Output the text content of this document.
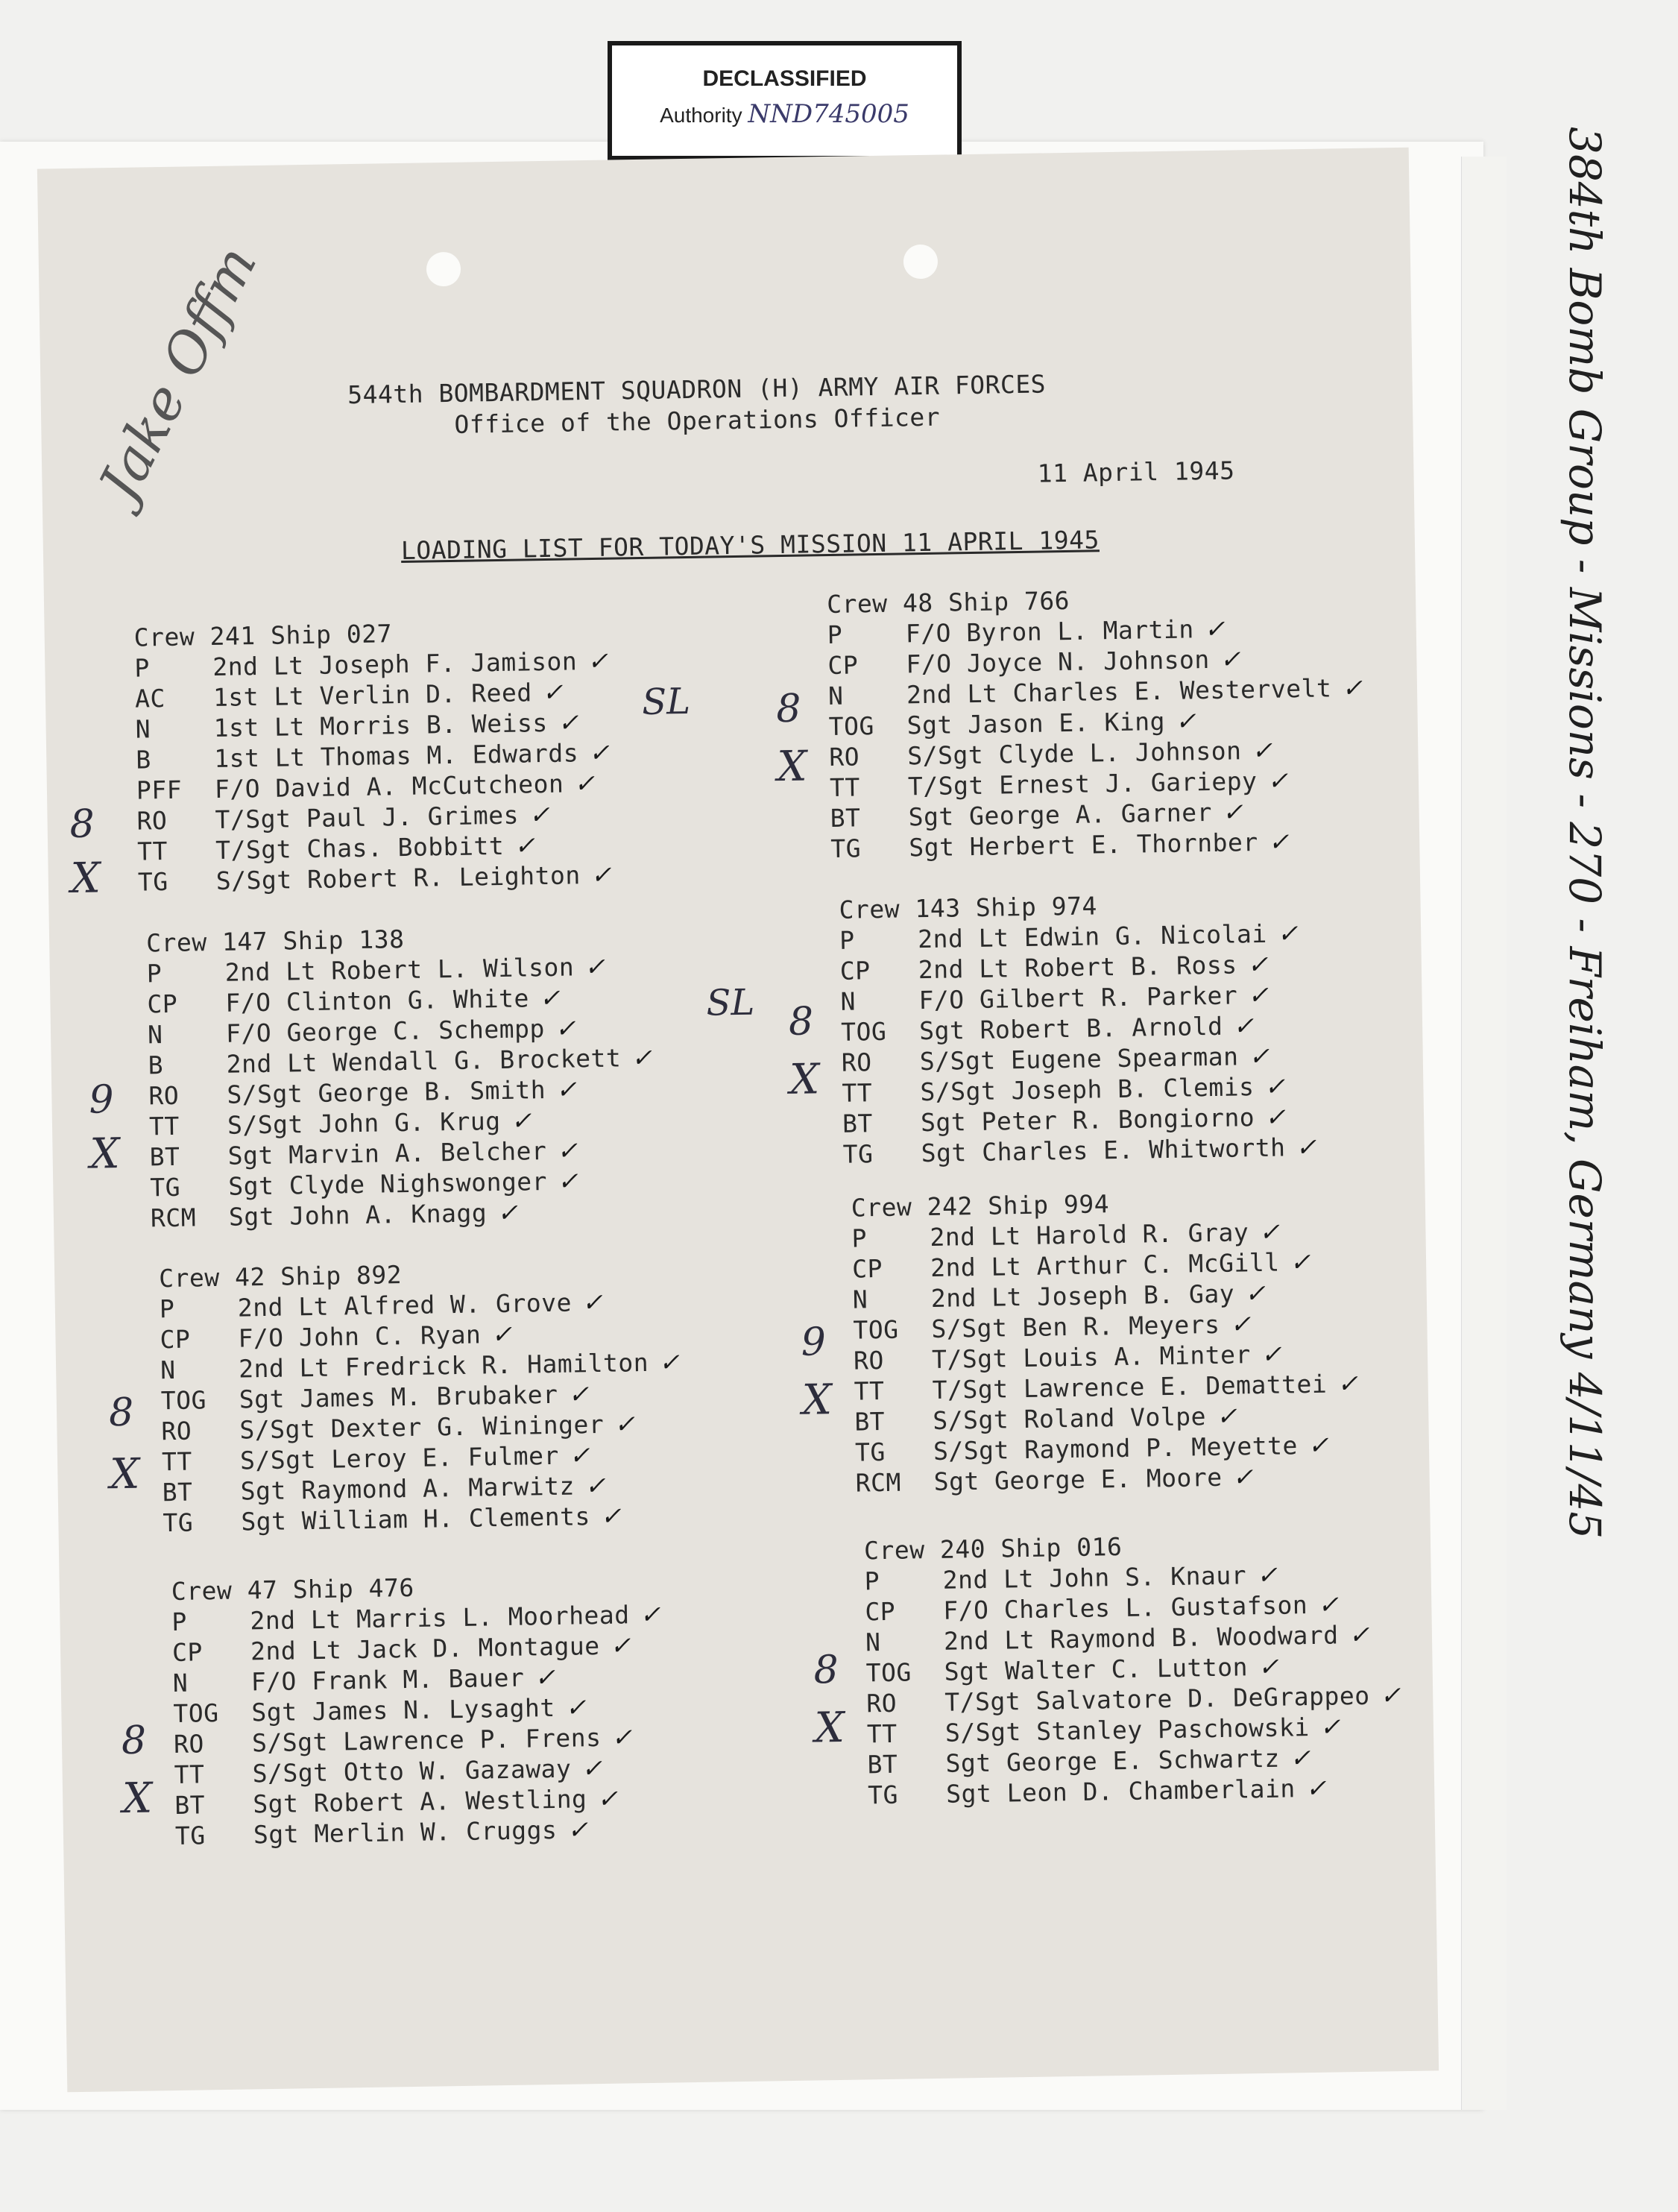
DECLASSIFIED
Authority NND745005
384th Bomb Group - Missions - 270 - Freiham, Germany 4/11/45
Jake Offm	544th BOMBARDMENT SQUADRON (H) ARMY AIR FORCES
Office of the Operations Officer
11 April 1945
LOADING LIST FOR TODAY'S MISSION 11 APRIL 1945
Crew 241 Ship 027
P	2nd Lt Joseph F. Jamison ✓
AC	1st Lt Verlin D. Reed ✓
N	1st Lt Morris B. Weiss ✓
B	1st Lt Thomas M. Edwards ✓
PFF	F/O David A. McCutcheon ✓
RO	T/Sgt Paul J. Grimes ✓
TT	T/Sgt Chas. Bobbitt ✓
TG	S/Sgt Robert R. Leighton ✓
Crew 147 Ship 138
P	2nd Lt Robert L. Wilson ✓
CP	F/O Clinton G. White ✓
N	F/O George C. Schempp ✓
B	2nd Lt Wendall G. Brockett ✓
RO	S/Sgt George B. Smith ✓
TT	S/Sgt John G. Krug ✓
BT	Sgt Marvin A. Belcher ✓
TG	Sgt Clyde Nighswonger ✓
RCM	Sgt John A. Knagg ✓
Crew 42 Ship 892
P	2nd Lt Alfred W. Grove ✓
CP	F/O John C. Ryan ✓
N	2nd Lt Fredrick R. Hamilton ✓
TOG	Sgt James M. Brubaker ✓
RO	S/Sgt Dexter G. Wininger ✓
TT	S/Sgt Leroy E. Fulmer ✓
BT	Sgt Raymond A. Marwitz ✓
TG	Sgt William H. Clements ✓
Crew 47 Ship 476
P	2nd Lt Marris L. Moorhead ✓
CP	2nd Lt Jack D. Montague ✓
N	F/O Frank M. Bauer ✓
TOG	Sgt James N. Lysaght ✓
RO	S/Sgt Lawrence P. Frens ✓
TT	S/Sgt Otto W. Gazaway ✓
BT	Sgt Robert A. Westling ✓
TG	Sgt Merlin W. Cruggs ✓
Crew 48 Ship 766
P	F/O Byron L. Martin ✓
CP	F/O Joyce N. Johnson ✓
N	2nd Lt Charles E. Westervelt ✓
TOG	Sgt Jason E. King ✓
RO	S/Sgt Clyde L. Johnson ✓
TT	T/Sgt Ernest J. Gariepy ✓
BT	Sgt George A. Garner ✓
TG	Sgt Herbert E. Thornber ✓
Crew 143 Ship 974
P	2nd Lt Edwin G. Nicolai ✓
CP	2nd Lt Robert B. Ross ✓
N	F/O Gilbert R. Parker ✓
TOG	Sgt Robert B. Arnold ✓
RO	S/Sgt Eugene Spearman ✓
TT	S/Sgt Joseph B. Clemis ✓
BT	Sgt Peter R. Bongiorno ✓
TG	Sgt Charles E. Whitworth ✓
Crew 242 Ship 994
P	2nd Lt Harold R. Gray ✓
CP	2nd Lt Arthur C. McGill ✓
N	2nd Lt Joseph B. Gay ✓
TOG	S/Sgt Ben R. Meyers ✓
RO	T/Sgt Louis A. Minter ✓
TT	T/Sgt Lawrence E. Demattei ✓
BT	S/Sgt Roland Volpe ✓
TG	S/Sgt Raymond P. Meyette ✓
RCM	Sgt George E. Moore ✓
Crew 240 Ship 016
P	2nd Lt John S. Knaur ✓
CP	F/O Charles L. Gustafson ✓
N	2nd Lt Raymond B. Woodward ✓
TOG	Sgt Walter C. Lutton ✓
RO	T/Sgt Salvatore D. DeGrappeo ✓
TT	S/Sgt Stanley Paschowski ✓
BT	Sgt George E. Schwartz ✓
TG	Sgt Leon D. Chamberlain ✓
8
X
9
X
8
X
8
X
8
X
8
X
9
X
8
X
SL
SL
